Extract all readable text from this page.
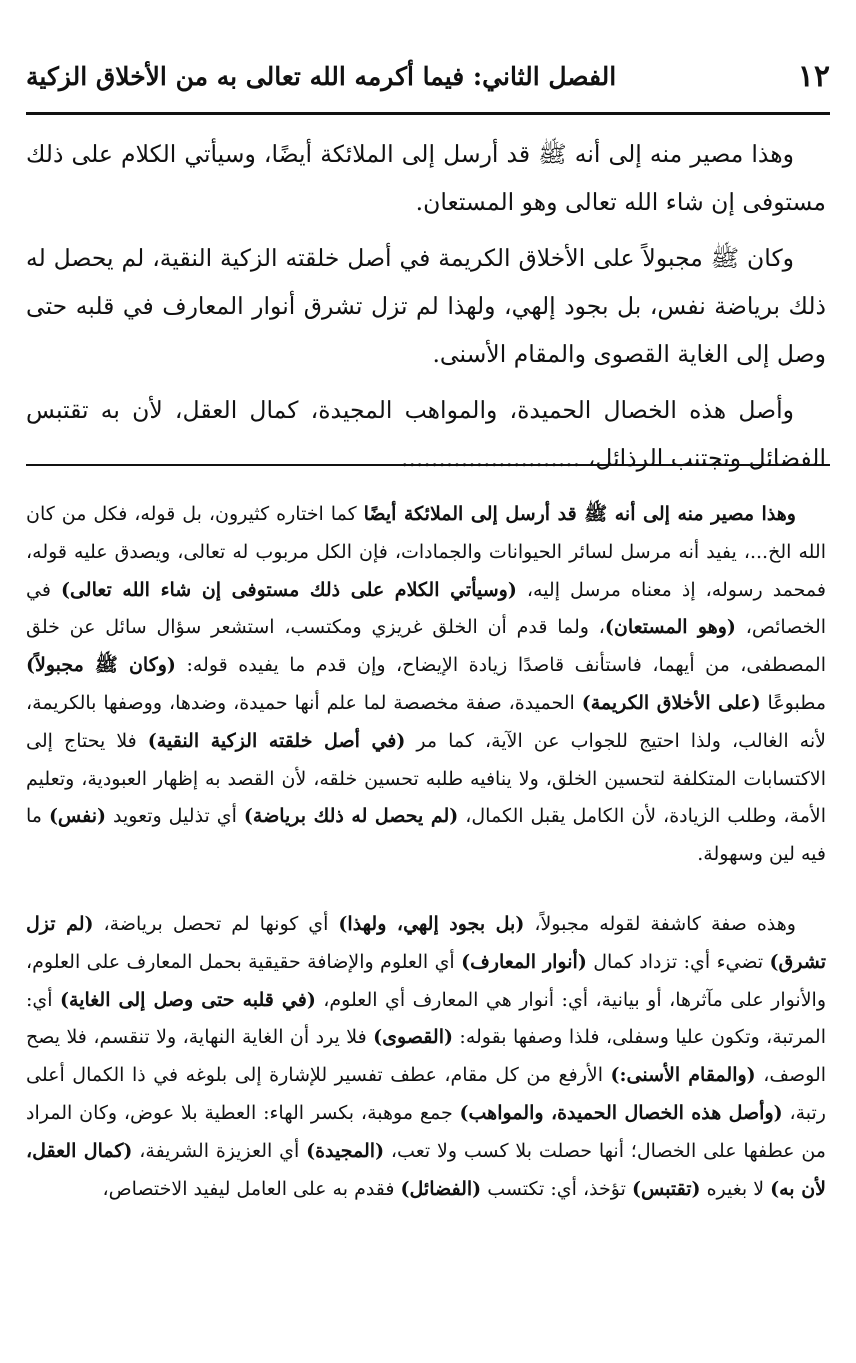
١٢
الفصل الثاني: فيما أكرمه الله تعالى به من الأخلاق الزكية

وهذا مصير منه إلى أنه ﷺ قد أرسل إلى الملائكة أيضًا، وسيأتي الكلام على ذلك مستوفى إن شاء الله تعالى وهو المستعان.

وكان ﷺ مجبولاً على الأخلاق الكريمة في أصل خلقته الزكية النقية، لم يحصل له ذلك برياضة نفس، بل بجود إلهي، ولهذا لم تزل تشرق أنوار المعارف في قلبه حتى وصل إلى الغاية القصوى والمقام الأسنى.

وأصل هذه الخصال الحميدة، والمواهب المجيدة، كمال العقل، لأن به تقتبس الفضائل وتجتنب الرذائل، ........................

وهذا مصير منه إلى أنه ﷺ قد أرسل إلى الملائكة أيضًا كما اختاره كثيرون، بل قوله، فكل من كان الله الخ...، يفيد أنه مرسل لسائر الحيوانات والجمادات، فإن الكل مربوب له تعالى، ويصدق عليه قوله، فمحمد رسوله، إذ معناه مرسل إليه، (وسيأتي الكلام على ذلك مستوفى إن شاء الله تعالى) في الخصائص، (وهو المستعان)، ولما قدم أن الخلق غريزي ومكتسب، استشعر سؤال سائل عن خلق المصطفى، من أيهما، فاستأنف قاصدًا زيادة الإيضاح، وإن قدم ما يفيده قوله: (وكان ﷺ مجبولاً) مطبوعًا (على الأخلاق الكريمة) الحميدة، صفة مخصصة لما علم أنها حميدة، وضدها، ووصفها بالكريمة، لأنه الغالب، ولذا احتيج للجواب عن الآية، كما مر (في أصل خلقته الزكية النقية) فلا يحتاج إلى الاكتسابات المتكلفة لتحسين الخلق، ولا ينافيه طلبه تحسين خلقه، لأن القصد به إظهار العبودية، وتعليم الأمة، وطلب الزيادة، لأن الكامل يقبل الكمال، (لم يحصل له ذلك برياضة) أي تذليل وتعويد (نفس) ما فيه لين وسهولة.

وهذه صفة كاشفة لقوله مجبولاً، (بل بجود إلهي، ولهذا) أي كونها لم تحصل برياضة، (لم تزل تشرق) تضيء أي: تزداد كمال (أنوار المعارف) أي العلوم والإضافة حقيقية بحمل المعارف على العلوم، والأنوار على مآثرها، أو بيانية، أي: أنوار هي المعارف أي العلوم، (في قلبه حتى وصل إلى الغاية) أي: المرتبة، وتكون عليا وسفلى، فلذا وصفها بقوله: (القصوى) فلا يرد أن الغاية النهاية، ولا تنقسم، فلا يصح الوصف، (والمقام الأسنى:) الأرفع من كل مقام، عطف تفسير للإشارة إلى بلوغه في ذا الكمال أعلى رتبة، (وأصل هذه الخصال الحميدة، والمواهب) جمع موهبة، بكسر الهاء: العطية بلا عوض، وكان المراد من عطفها على الخصال؛ أنها حصلت بلا كسب ولا تعب، (المجيدة) أي العزيزة الشريفة، (كمال العقل، لأن به) لا بغيره (تقتبس) تؤخذ، أي: تكتسب (الفضائل) فقدم به على العامل ليفيد الاختصاص،
